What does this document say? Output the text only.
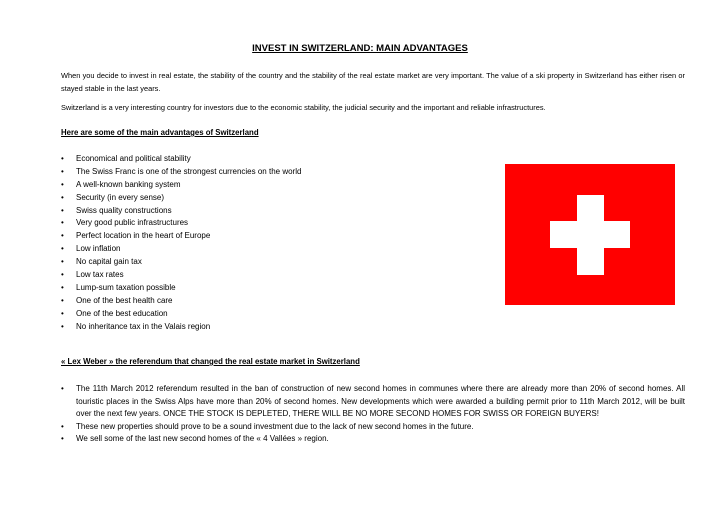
INVEST IN SWITZERLAND: MAIN ADVANTAGES
When you decide to invest in real estate, the stability of the country and the stability of the real estate market are very important. The value of a ski property in Switzerland has either risen or stayed stable in the last years.
Switzerland is a very interesting country for investors due to the economic stability, the judicial security and the important and reliable infrastructures.
Here are some of the main advantages of Switzerland
• Economical and political stability
• The Swiss Franc is one of the strongest currencies on the world
• A well-known banking system
• Security (in every sense)
• Swiss quality constructions
• Very good public infrastructures
• Perfect location in the heart of Europe
• Low inflation
• No capital gain tax
• Low tax rates
• Lump-sum taxation possible
• One of the best health care
• One of the best education
• No inheritance tax in the Valais region
« Lex Weber » the referendum that changed the real estate market in Switzerland
• The 11th March 2012 referendum resulted in the ban of construction of new second homes in communes where there are already more than 20% of second homes. All touristic places in the Swiss Alps have more than 20% of second homes. New developments which were awarded a building permit prior to 11th March 2012, will be built over the next few years. ONCE THE STOCK IS DEPLETED, THERE WILL BE NO MORE SECOND HOMES FOR SWISS OR FOREIGN BUYERS!
• These new properties should prove to be a sound investment due to the lack of new second homes in the future.
• We sell some of the last new second homes of the « 4 Vallées » region.
